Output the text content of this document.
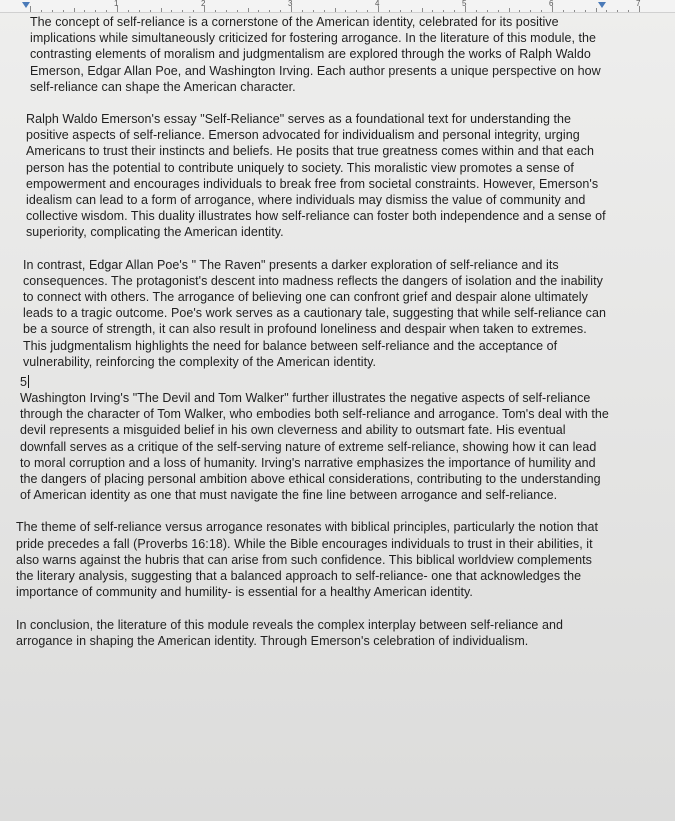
1	2	3	4	5	6	7

The concept of self-reliance is a cornerstone of the American identity, celebrated for its positive implications while simultaneously criticized for fostering arrogance. In the literature of this module, the contrasting elements of moralism and judgmentalism are explored through the works of Ralph Waldo Emerson, Edgar Allan Poe, and Washington Irving. Each author presents a unique perspective on how self-reliance can shape the American character.

Ralph Waldo Emerson's essay "Self-Reliance" serves as a foundational text for understanding the positive aspects of self-reliance. Emerson advocated for individualism and personal integrity, urging Americans to trust their instincts and beliefs. He posits that true greatness comes within and that each person has the potential to contribute uniquely to society. This moralistic view promotes a sense of empowerment and encourages individuals to break free from societal constraints. However, Emerson's idealism can lead to a form of arrogance, where individuals may dismiss the value of community and collective wisdom. This duality illustrates how self-reliance can foster both independence and a sense of superiority, complicating the American identity.

In contrast, Edgar Allan Poe's " The Raven" presents a darker exploration of self-reliance and its consequences. The protagonist's descent into madness reflects the dangers of isolation and the inability to connect with others. The arrogance of believing one can confront grief and despair alone ultimately leads to a tragic outcome. Poe's work serves as a cautionary tale, suggesting that while self-reliance can be a source of strength, it can also result in profound loneliness and despair when taken to extremes. This judgmentalism highlights the need for balance between self-reliance and the acceptance of vulnerability, reinforcing the complexity of the American identity.

5

Washington Irving's "The Devil and Tom Walker" further illustrates the negative aspects of self-reliance through the character of Tom Walker, who embodies both self-reliance and arrogance. Tom's deal with the devil represents a misguided belief in his own cleverness and ability to outsmart fate. His eventual downfall serves as a critique of the self-serving nature of extreme self-reliance, showing how it can lead to moral corruption and a loss of humanity. Irving's narrative emphasizes the importance of humility and the dangers of placing personal ambition above ethical considerations, contributing to the understanding of American identity as one that must navigate the fine line between arrogance and self-reliance.

The theme of self-reliance versus arrogance resonates with biblical principles, particularly the notion that pride precedes a fall (Proverbs 16:18). While the Bible encourages individuals to trust in their abilities, it also warns against the hubris that can arise from such confidence. This biblical worldview complements the literary analysis, suggesting that a balanced approach to self-reliance- one that acknowledges the importance of community and humility- is essential for a healthy American identity.

In conclusion, the literature of this module reveals the complex interplay between self-reliance and arrogance in shaping the American identity. Through Emerson's celebration of individualism.
